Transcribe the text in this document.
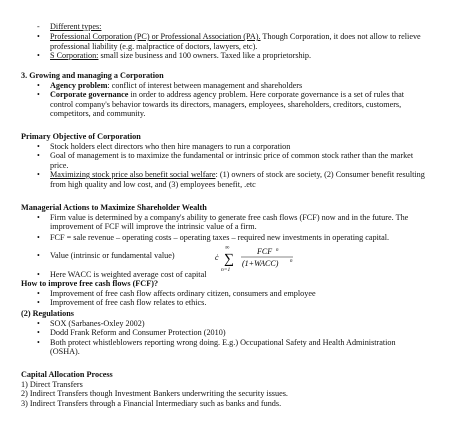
- Different types:
• Professional Corporation (PC) or Professional Association (PA). Though Corporation, it does not allow to relieve
professional liability (e.g. malpractice of doctors, lawyers, etc).
• S Corporation: small size business and 100 owners. Taxed like a proprietorship.
3. Growing and managing a Corporation
• Agency problem: conflict of interest between management and shareholders
• Corporate governance in order to address agency problem. Here corporate governance is a set of rules that
control company's behavior towards its directors, managers, employees, shareholders, creditors, customers,
competitors, and community.
Primary Objective of Corporation
• Stock holders elect directors who then hire managers to run a corporation
• Goal of management is to maximize the fundamental or intrinsic price of common stock rather than the market
price.
• Maximizing stock price also benefit social welfare: (1) owners of stock are society, (2) Consumer benefit resulting
from high quality and low cost, and (3) employees benefit, .etc
Managerial Actions to Maximize Shareholder Wealth
• Firm value is determined by a company's ability to generate free cash flows (FCF) now and in the future. The
improvement of FCF will improve the intrinsic value of a firm.
• FCF = sale revenue – operating costs – operating taxes – required new investments in operating capital.
• Value (intrinsic or fundamental value)	ċ ∑
∞
n=1
FCF n
(1+WACC) n
• Here WACC is weighted average cost of capital
How to improve free cash flows (FCF)?
• Improvement of free cash flow affects ordinary citizen, consumers and employee
• Improvement of free cash flow relates to ethics.
(2) Regulations
• SOX (Sarbanes-Oxley 2002)
• Dodd Frank Reform and Consumer Protection (2010)
• Both protect whistleblowers reporting wrong doing. E.g.) Occupational Safety and Health Administration
(OSHA).
Capital Allocation Process
1) Direct Transfers
2) Indirect Transfers though Investment Bankers underwriting the security issues.
3) Indirect Transfers through a Financial Intermediary such as banks and funds.
